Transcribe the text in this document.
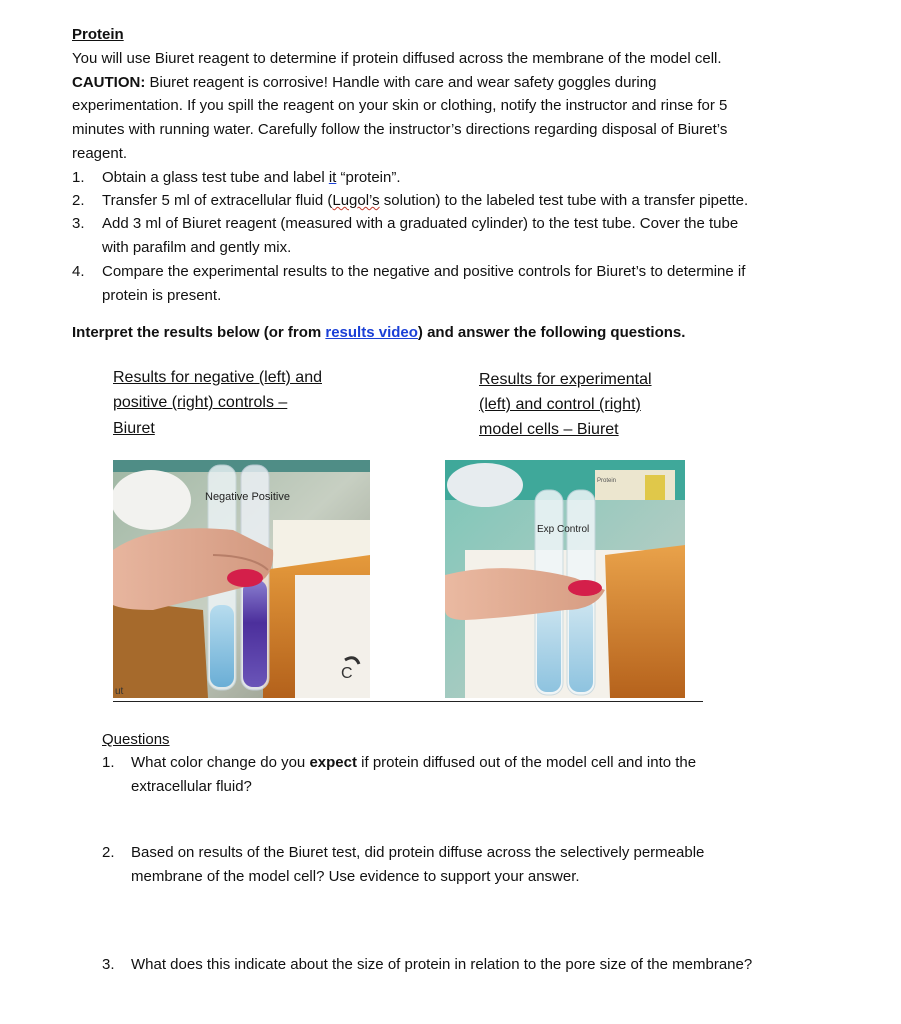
Protein
You will use Biuret reagent to determine if protein diffused across the membrane of the model cell.
CAUTION: Biuret reagent is corrosive! Handle with care and wear safety goggles during
experimentation. If you spill the reagent on your skin or clothing, notify the instructor and rinse for 5
minutes with running water. Carefully follow the instructor’s directions regarding disposal of Biuret’s
reagent.
1. Obtain a glass test tube and label it “protein”.
2. Transfer 5 ml of extracellular fluid (Lugol’s solution) to the labeled test tube with a transfer pipette.
3. Add 3 ml of Biuret reagent (measured with a graduated cylinder) to the test tube. Cover the tube
with parafilm and gently mix.
4. Compare the experimental results to the negative and positive controls for Biuret’s to determine if
protein is present.
Interpret the results below (or from results video) and answer the following questions.
Results for negative (left) and
positive (right) controls –
Biuret
Results for experimental
(left) and control (right)
model cells – Biuret
C
ut
Negative Positive
Protein
Exp Control
Questions
1. What color change do you expect if protein diffused out of the model cell and into the
extracellular fluid?
2. Based on results of the Biuret test, did protein diffuse across the selectively permeable
membrane of the model cell? Use evidence to support your answer.
3. What does this indicate about the size of protein in relation to the pore size of the membrane?
